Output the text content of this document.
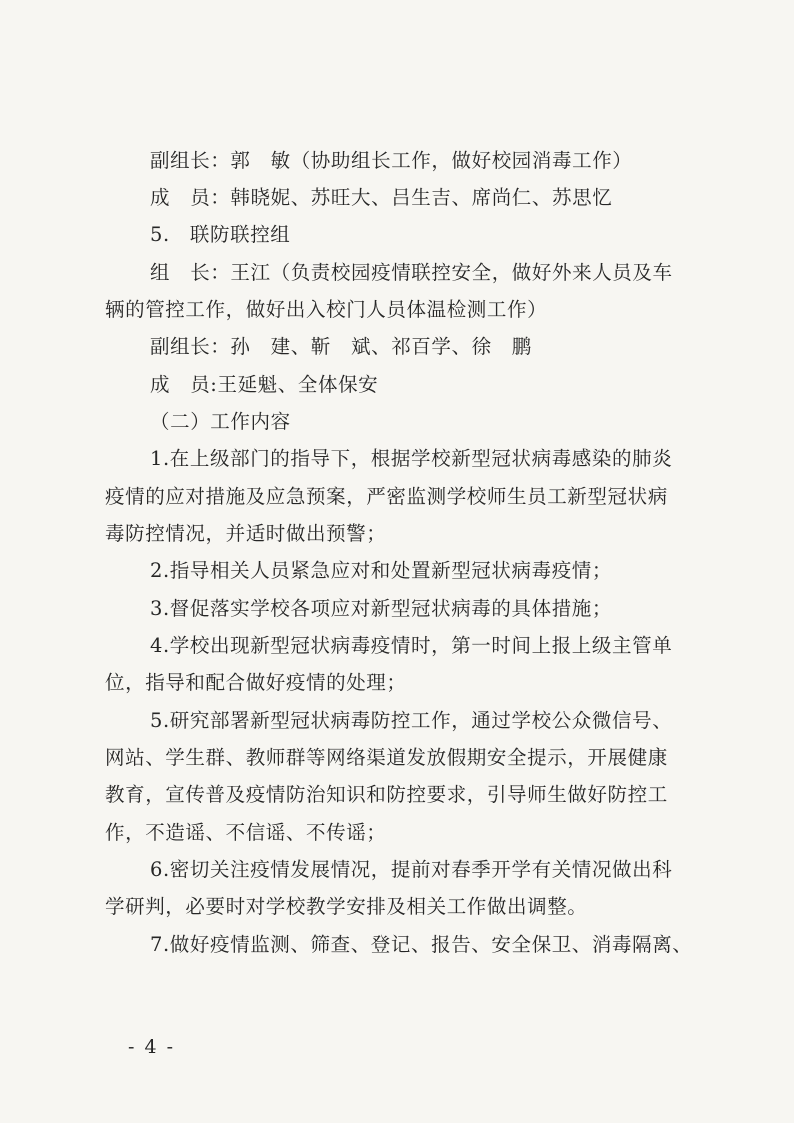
副组长：郭　敏（协助组长工作，做好校园消毒工作）
成　员：韩晓妮、苏旺大、吕生吉、席尚仁、苏思忆
5.　联防联控组
组　长：王江（负责校园疫情联控安全，做好外来人员及车
辆的管控工作，做好出入校门人员体温检测工作）
副组长：孙　建、靳　斌、祁百学、徐　鹏
成　员:王延魁、全体保安
（二）工作内容
1.在上级部门的指导下，根据学校新型冠状病毒感染的肺炎
疫情的应对措施及应急预案，严密监测学校师生员工新型冠状病
毒防控情况，并适时做出预警；
2.指导相关人员紧急应对和处置新型冠状病毒疫情；
3.督促落实学校各项应对新型冠状病毒的具体措施；
4.学校出现新型冠状病毒疫情时，第一时间上报上级主管单
位，指导和配合做好疫情的处理；
5.研究部署新型冠状病毒防控工作，通过学校公众微信号、
网站、学生群、教师群等网络渠道发放假期安全提示，开展健康
教育，宣传普及疫情防治知识和防控要求，引导师生做好防控工
作，不造谣、不信谣、不传谣；
6.密切关注疫情发展情况，提前对春季开学有关情况做出科
学研判，必要时对学校教学安排及相关工作做出调整。
7.做好疫情监测、筛查、登记、报告、安全保卫、消毒隔离、
- 4 -
